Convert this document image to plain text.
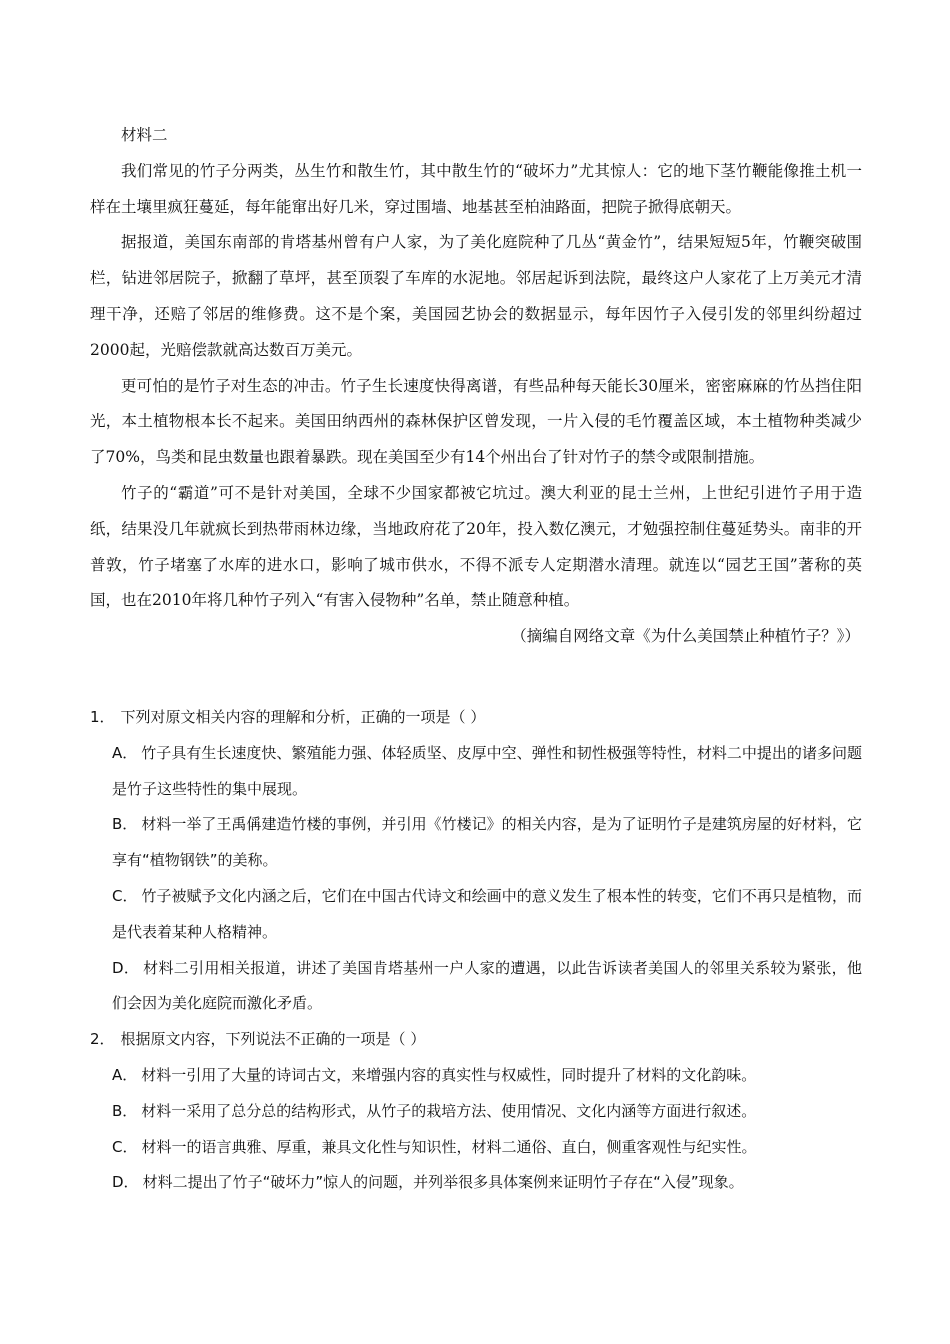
材料二

我们常见的竹子分两类，丛生竹和散生竹，其中散生竹的“破坏力”尤其惊人：它的地下茎竹鞭能像推土机一样在土壤里疯狂蔓延，每年能窜出好几米，穿过围墙、地基甚至柏油路面，把院子掀得底朝天。

据报道，美国东南部的肯塔基州曾有户人家，为了美化庭院种了几丛“黄金竹”，结果短短5年，竹鞭突破围栏，钻进邻居院子，掀翻了草坪，甚至顶裂了车库的水泥地。邻居起诉到法院，最终这户人家花了上万美元才清理干净，还赔了邻居的维修费。这不是个案，美国园艺协会的数据显示，每年因竹子入侵引发的邻里纠纷超过2000起，光赔偿款就高达数百万美元。

更可怕的是竹子对生态的冲击。竹子生长速度快得离谱，有些品种每天能长30厘米，密密麻麻的竹丛挡住阳光，本土植物根本长不起来。美国田纳西州的森林保护区曾发现，一片入侵的毛竹覆盖区域，本土植物种类减少了70%，鸟类和昆虫数量也跟着暴跌。现在美国至少有14个州出台了针对竹子的禁令或限制措施。

竹子的“霸道”可不是针对美国，全球不少国家都被它坑过。澳大利亚的昆士兰州，上世纪引进竹子用于造纸，结果没几年就疯长到热带雨林边缘，当地政府花了20年，投入数亿澳元，才勉强控制住蔓延势头。南非的开普敦，竹子堵塞了水库的进水口，影响了城市供水，不得不派专人定期潜水清理。就连以“园艺王国”著称的英国，也在2010年将几种竹子列入“有害入侵物种”名单，禁止随意种植。

（摘编自网络文章《为什么美国禁止种植竹子？》）

1． 下列对原文相关内容的理解和分析，正确的一项是（ ）

A． 竹子具有生长速度快、繁殖能力强、体轻质坚、皮厚中空、弹性和韧性极强等特性，材料二中提出的诸多问题是竹子这些特性的集中展现。

B． 材料一举了王禹偁建造竹楼的事例，并引用《竹楼记》的相关内容，是为了证明竹子是建筑房屋的好材料，它享有“植物钢铁”的美称。

C． 竹子被赋予文化内涵之后，它们在中国古代诗文和绘画中的意义发生了根本性的转变，它们不再只是植物，而是代表着某种人格精神。

D． 材料二引用相关报道，讲述了美国肯塔基州一户人家的遭遇，以此告诉读者美国人的邻里关系较为紧张，他们会因为美化庭院而激化矛盾。

2． 根据原文内容，下列说法不正确的一项是（ ）

A． 材料一引用了大量的诗词古文，来增强内容的真实性与权威性，同时提升了材料的文化韵味。

B． 材料一采用了总分总的结构形式，从竹子的栽培方法、使用情况、文化内涵等方面进行叙述。

C． 材料一的语言典雅、厚重，兼具文化性与知识性，材料二通俗、直白，侧重客观性与纪实性。

D． 材料二提出了竹子“破坏力”惊人的问题，并列举很多具体案例来证明竹子存在“入侵”现象。
